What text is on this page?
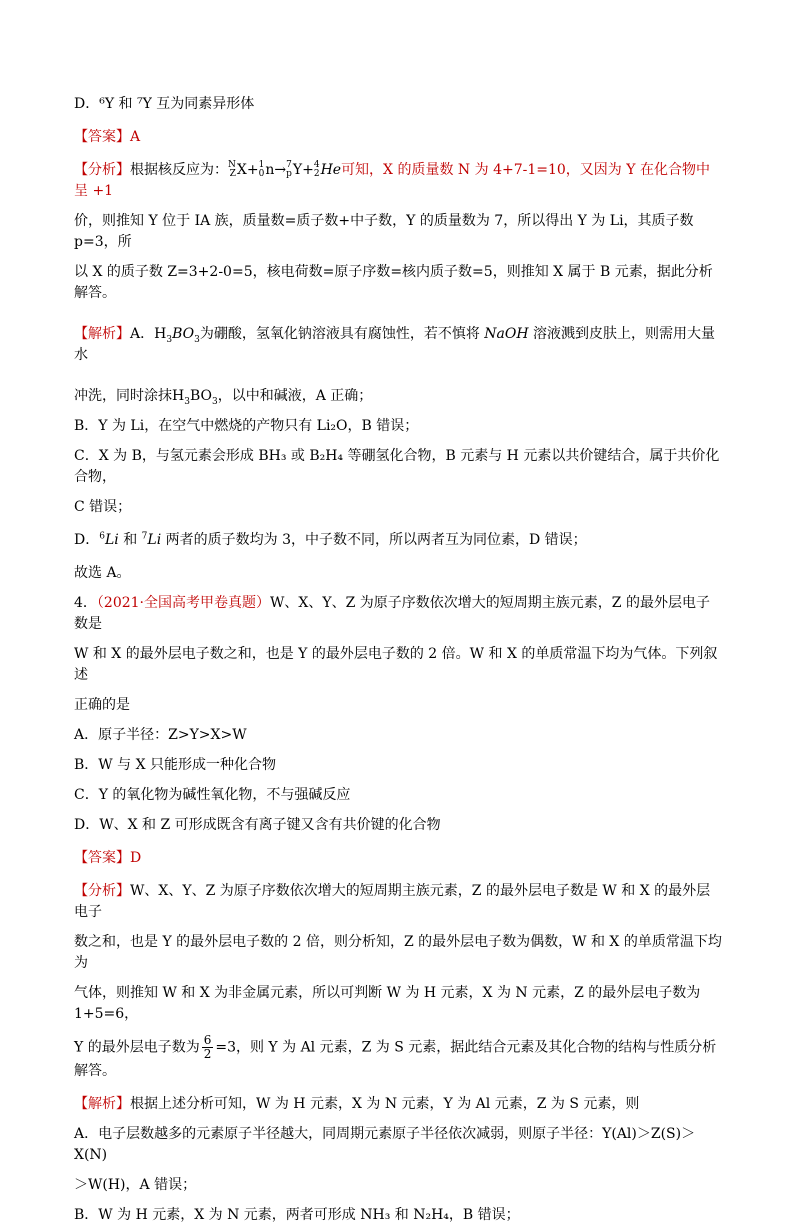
D．⁶Y 和 ⁷Y 互为同素异形体

【答案】A

【分析】根据核反应为： N
Z X+ 1
0 n→ 7
p Y+ 4
2 He可知，X 的质量数 N 为 4+7-1=10，又因为 Y 在化合物中呈 +1

价，则推知 Y 位于 IA 族，质量数=质子数+中子数，Y 的质量数为 7，所以得出 Y 为 Li，其质子数 p=3，所

以 X 的质子数 Z=3+2-0=5，核电荷数=原子序数=核内质子数=5，则推知 X 属于 B 元素，据此分析解答。

【解析】A．$H_3BO_3$为硼酸，氢氧化钠溶液具有腐蚀性，若不慎将 NaOH 溶液溅到皮肤上，则需用大量水

冲洗，同时涂抹$H_3BO_3$，以中和碱液，A 正确；

B．Y 为 Li，在空气中燃烧的产物只有 Li₂O，B 错误；

C．X 为 B，与氢元素会形成 BH₃ 或 B₂H₄ 等硼氢化合物，B 元素与 H 元素以共价键结合，属于共价化合物，

C 错误；

D．$^6$Li 和 $^7$Li 两者的质子数均为 3，中子数不同，所以两者互为同位素，D 错误；

故选 A。

4．（2021·全国高考甲卷真题）W、X、Y、Z 为原子序数依次增大的短周期主族元素，Z 的最外层电子数是

W 和 X 的最外层电子数之和，也是 Y 的最外层电子数的 2 倍。W 和 X 的单质常温下均为气体。下列叙述

正确的是

A．原子半径：Z>Y>X>W

B．W 与 X 只能形成一种化合物

C．Y 的氧化物为碱性氧化物，不与强碱反应

D．W、X 和 Z 可形成既含有离子键又含有共价键的化合物

【答案】D

【分析】W、X、Y、Z 为原子序数依次增大的短周期主族元素，Z 的最外层电子数是 W 和 X 的最外层电子

数之和，也是 Y 的最外层电子数的 2 倍，则分析知，Z 的最外层电子数为偶数，W 和 X 的单质常温下均为

气体，则推知 W 和 X 为非金属元素，所以可判断 W 为 H 元素，X 为 N 元素，Z 的最外层电子数为 1+5=6，

Y 的最外层电子数为 $\frac{6}{2} =3$，则 Y 为 Al 元素，Z 为 S 元素，据此结合元素及其化合物的结构与性质分析解答。

【解析】根据上述分析可知，W 为 H 元素，X 为 N 元素，Y 为 Al 元素，Z 为 S 元素，则

A．电子层数越多的元素原子半径越大，同周期元素原子半径依次减弱，则原子半径：Y(Al)＞Z(S)＞X(N)

＞W(H)，A 错误；

B．W 为 H 元素，X 为 N 元素，两者可形成 NH₃ 和 N₂H₄，B 错误；
